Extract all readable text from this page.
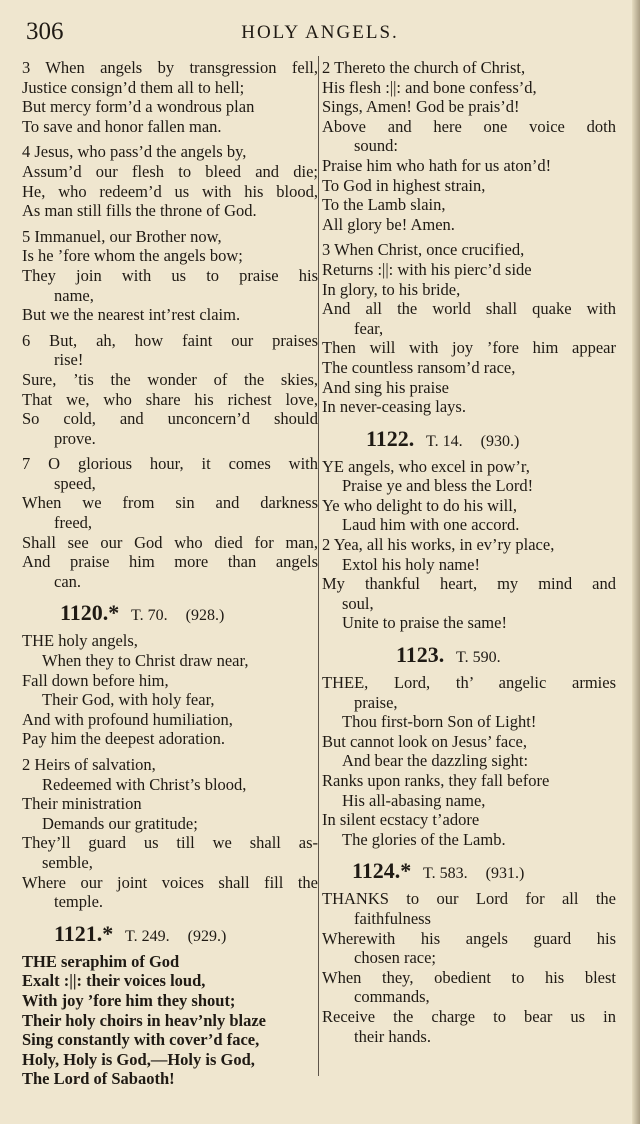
306	HOLY ANGELS.
3 When angels by transgression fell,
Justice consign’d them all to hell;
But mercy form’d a wondrous plan
To save and honor fallen man.
4 Jesus, who pass’d the angels by,
Assum’d our flesh to bleed and die;
He, who redeem’d us with his blood,
As man still fills the throne of God.
5 Immanuel, our Brother now,
Is he ’fore whom the angels bow;
They join with us to praise his
name,
But we the nearest int’rest claim.
6 But, ah, how faint our praises
rise!
Sure, ’tis the wonder of the skies,
That we, who share his richest love,
So cold, and unconcern’d should
prove.
7 O glorious hour, it comes with
speed,
When we from sin and darkness
freed,
Shall see our God who died for man,
And praise him more than angels
can.
1120.* T. 70. (928.)
THE holy angels,
When they to Christ draw near,
Fall down before him,
Their God, with holy fear,
And with profound humiliation,
Pay him the deepest adoration.
2 Heirs of salvation,
Redeemed with Christ’s blood,
Their ministration
Demands our gratitude;
They’ll guard us till we shall as-
semble,
Where our joint voices shall fill the
temple.
1121.* T. 249. (929.)
THE seraphim of God
Exalt :||: their voices loud,
With joy ’fore him they shout;
Their holy choirs in heav’nly blaze
Sing constantly with cover’d face,
Holy, Holy is God,—Holy is God,
The Lord of Sabaoth!
2 Thereto the church of Christ,
His flesh :||: and bone confess’d,
Sings, Amen! God be prais’d!
Above and here one voice doth
sound:
Praise him who hath for us aton’d!
To God in highest strain,
To the Lamb slain,
All glory be! Amen.
3 When Christ, once crucified,
Returns :||: with his pierc’d side
In glory, to his bride,
And all the world shall quake with
fear,
Then will with joy ’fore him appear
The countless ransom’d race,
And sing his praise
In never-ceasing lays.
1122. T. 14. (930.)
YE angels, who excel in pow’r,
Praise ye and bless the Lord!
Ye who delight to do his will,
Laud him with one accord.
2 Yea, all his works, in ev’ry place,
Extol his holy name!
My thankful heart, my mind and
soul,
Unite to praise the same!
1123. T. 590.
THEE, Lord, th’ angelic armies
praise,
Thou first-born Son of Light!
But cannot look on Jesus’ face,
And bear the dazzling sight:
Ranks upon ranks, they fall before
His all-abasing name,
In silent ecstacy t’adore
The glories of the Lamb.
1124.* T. 583. (931.)
THANKS to our Lord for all the
faithfulness
Wherewith his angels guard his
chosen race;
When they, obedient to his blest
commands,
Receive the charge to bear us in
their hands.
